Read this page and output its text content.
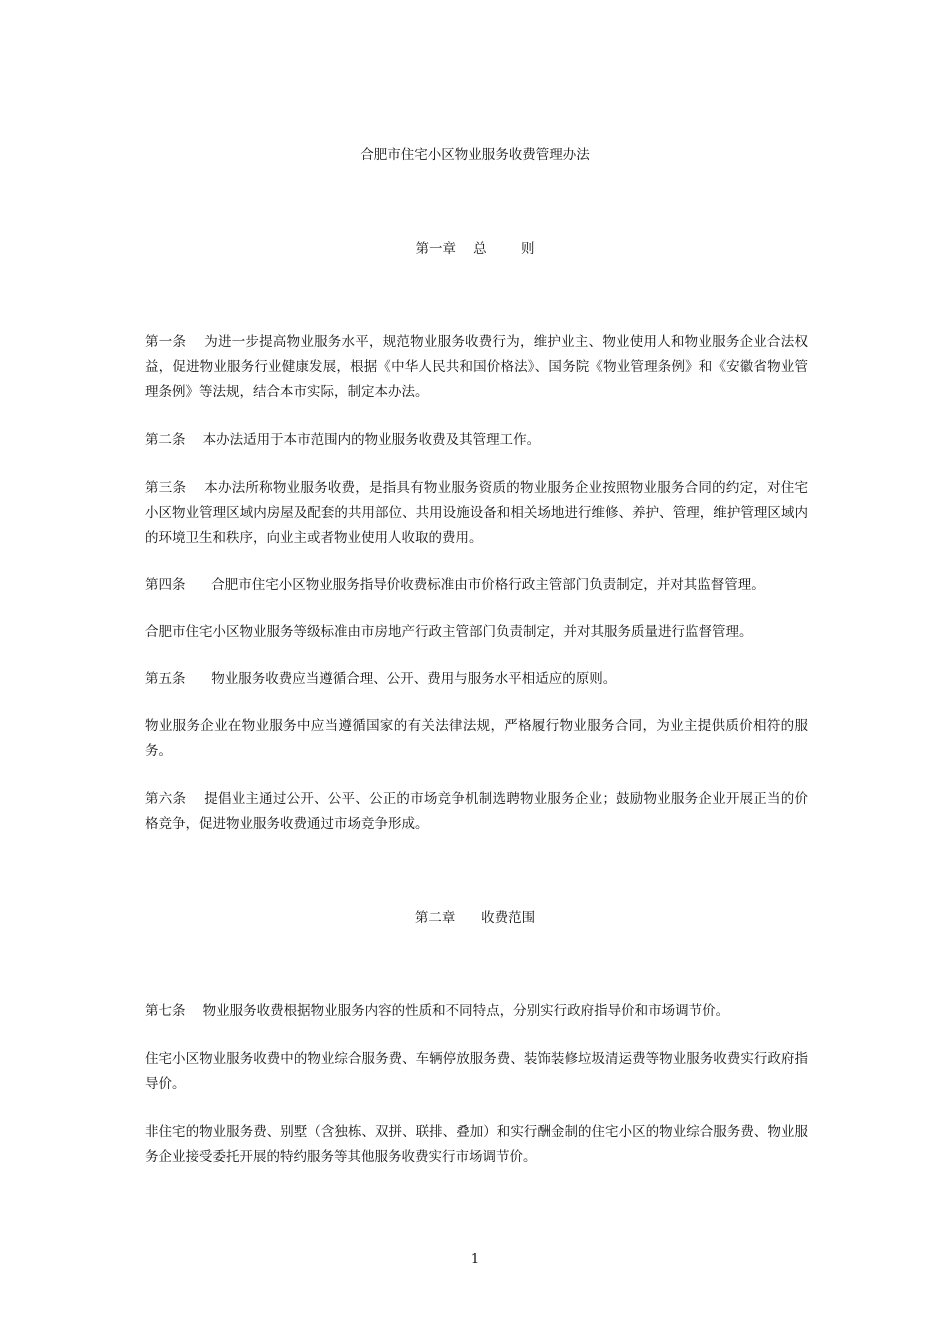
合肥市住宅小区物业服务收费管理办法
第一章    总        则

第一条    为进一步提高物业服务水平，规范物业服务收费行为，维护业主、物业使用人和物业服务企业合法权益，促进物业服务行业健康发展，根据《中华人民共和国价格法》、国务院《物业管理条例》和《安徽省物业管理条例》等法规，结合本市实际，制定本办法。

第二条    本办法适用于本市范围内的物业服务收费及其管理工作。

第三条    本办法所称物业服务收费，是指具有物业服务资质的物业服务企业按照物业服务合同的约定，对住宅小区物业管理区域内房屋及配套的共用部位、共用设施设备和相关场地进行维修、养护、管理，维护管理区域内的环境卫生和秩序，向业主或者物业使用人收取的费用。

第四条      合肥市住宅小区物业服务指导价收费标准由市价格行政主管部门负责制定，并对其监督管理。

合肥市住宅小区物业服务等级标准由市房地产行政主管部门负责制定，并对其服务质量进行监督管理。

第五条      物业服务收费应当遵循合理、公开、费用与服务水平相适应的原则。

物业服务企业在物业服务中应当遵循国家的有关法律法规，严格履行物业服务合同，为业主提供质价相符的服务。

第六条    提倡业主通过公开、公平、公正的市场竞争机制选聘物业服务企业；鼓励物业服务企业开展正当的价格竞争，促进物业服务收费通过市场竞争形成。

第二章      收费范围

第七条    物业服务收费根据物业服务内容的性质和不同特点，分别实行政府指导价和市场调节价。

住宅小区物业服务收费中的物业综合服务费、车辆停放服务费、装饰装修垃圾清运费等物业服务收费实行政府指导价。

非住宅的物业服务费、别墅（含独栋、双拼、联排、叠加）和实行酬金制的住宅小区的物业综合服务费、物业服务企业接受委托开展的特约服务等其他服务收费实行市场调节价。

1
